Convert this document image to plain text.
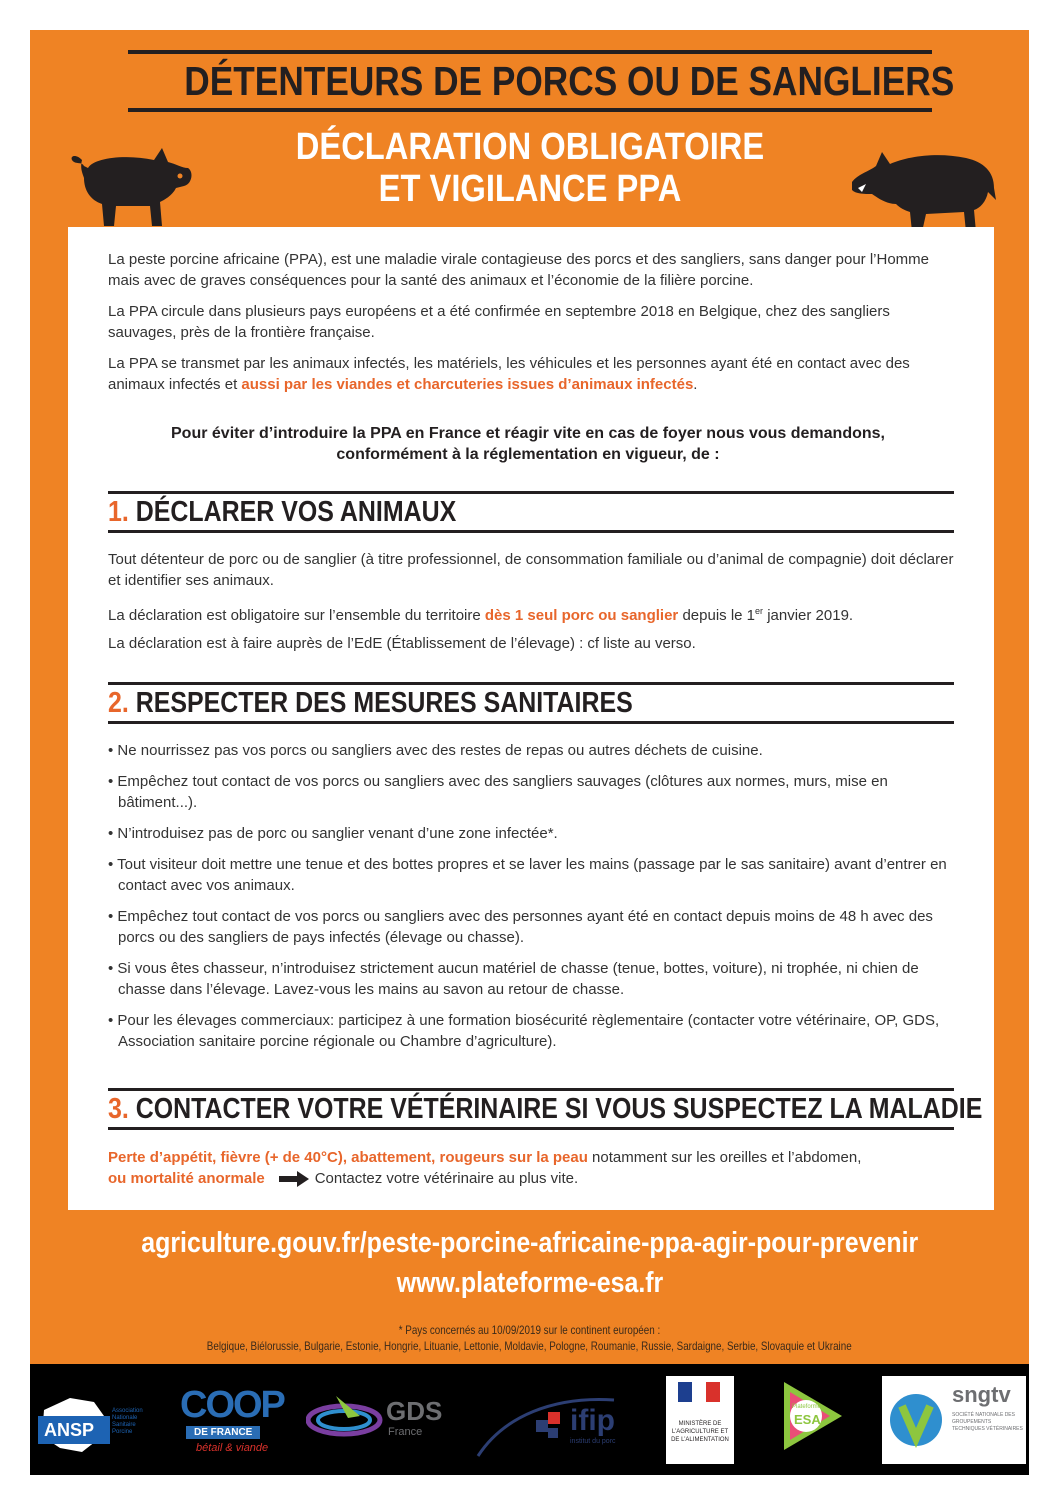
DÉTENTEURS DE PORCS OU DE SANGLIERS
DÉCLARATION OBLIGATOIRE
ET VIGILANCE PPA

La peste porcine africaine (PPA), est une maladie virale contagieuse des porcs et des sangliers, sans danger pour l’Homme mais avec de graves conséquences pour la santé des animaux et l’économie de la filière porcine.

La PPA circule dans plusieurs pays européens et a été confirmée en septembre 2018 en Belgique, chez des sangliers sauvages, près de la frontière française.

La PPA se transmet par les animaux infectés, les matériels, les véhicules et les personnes ayant été en contact avec des animaux infectés et aussi par les viandes et charcuteries issues d’animaux infectés.

Pour éviter d’introduire la PPA en France et réagir vite en cas de foyer nous vous demandons,
conformément à la réglementation en vigueur, de :
1. DÉCLARER VOS ANIMAUX

Tout détenteur de porc ou de sanglier (à titre professionnel, de consommation familiale ou d’animal de compagnie) doit déclarer et identifier ses animaux.

La déclaration est obligatoire sur l’ensemble du territoire dès 1 seul porc ou sanglier depuis le 1er janvier 2019.

La déclaration est à faire auprès de l’EdE (Établissement de l’élevage) : cf liste au verso.

2. RESPECTER DES MESURES SANITAIRES
• Ne nourrissez pas vos porcs ou sangliers avec des restes de repas ou autres déchets de cuisine.
• Empêchez tout contact de vos porcs ou sangliers avec des sangliers sauvages (clôtures aux normes, murs, mise en bâtiment...).
• N’introduisez pas de porc ou sanglier venant d’une zone infectée*.
• Tout visiteur doit mettre une tenue et des bottes propres et se laver les mains (passage par le sas sanitaire) avant d’entrer en contact avec vos animaux.
• Empêchez tout contact de vos porcs ou sangliers avec des personnes ayant été en contact depuis moins de 48 h avec des porcs ou des sangliers de pays infectés (élevage ou chasse).
• Si vous êtes chasseur, n’introduisez strictement aucun matériel de chasse (tenue, bottes, voiture), ni trophée, ni chien de chasse dans l’élevage. Lavez-vous les mains au savon au retour de chasse.
• Pour les élevages commerciaux: participez à une formation biosécurité règlementaire (contacter votre vétérinaire, OP, GDS, Association sanitaire porcine régionale ou Chambre d’agriculture).
3. CONTACTER VOTRE VÉTÉRINAIRE SI VOUS SUSPECTEZ LA MALADIE

Perte d’appétit, fièvre (+ de 40°C), abattement, rougeurs sur la peau notamment sur les oreilles et l’abdomen,
ou mortalité anormale	Contactez votre vétérinaire au plus vite.

agriculture.gouv.fr/peste-porcine-africaine-ppa-agir-pour-prevenir
www.plateforme-esa.fr
* Pays concernés au 10/09/2019 sur le continent européen :
Belgique, Biélorussie, Bulgarie, Estonie, Hongrie, Lituanie, Lettonie, Moldavie, Pologne, Roumanie, Russie, Sardaigne, Serbie, Slovaquie et Ukraine
ANSP
Association Nationale Sanitaire Porcine
COOP
DE FRANCE
bétail & viande
GDS
France	ifip
institut du porc
MINISTÈRE DE L’AGRICULTURE ET DE L’ALIMENTATION
Plateforme
ESA
sngtv
SOCIÉTÉ NATIONALE DES GROUPEMENTS TECHNIQUES VÉTÉRINAIRES
